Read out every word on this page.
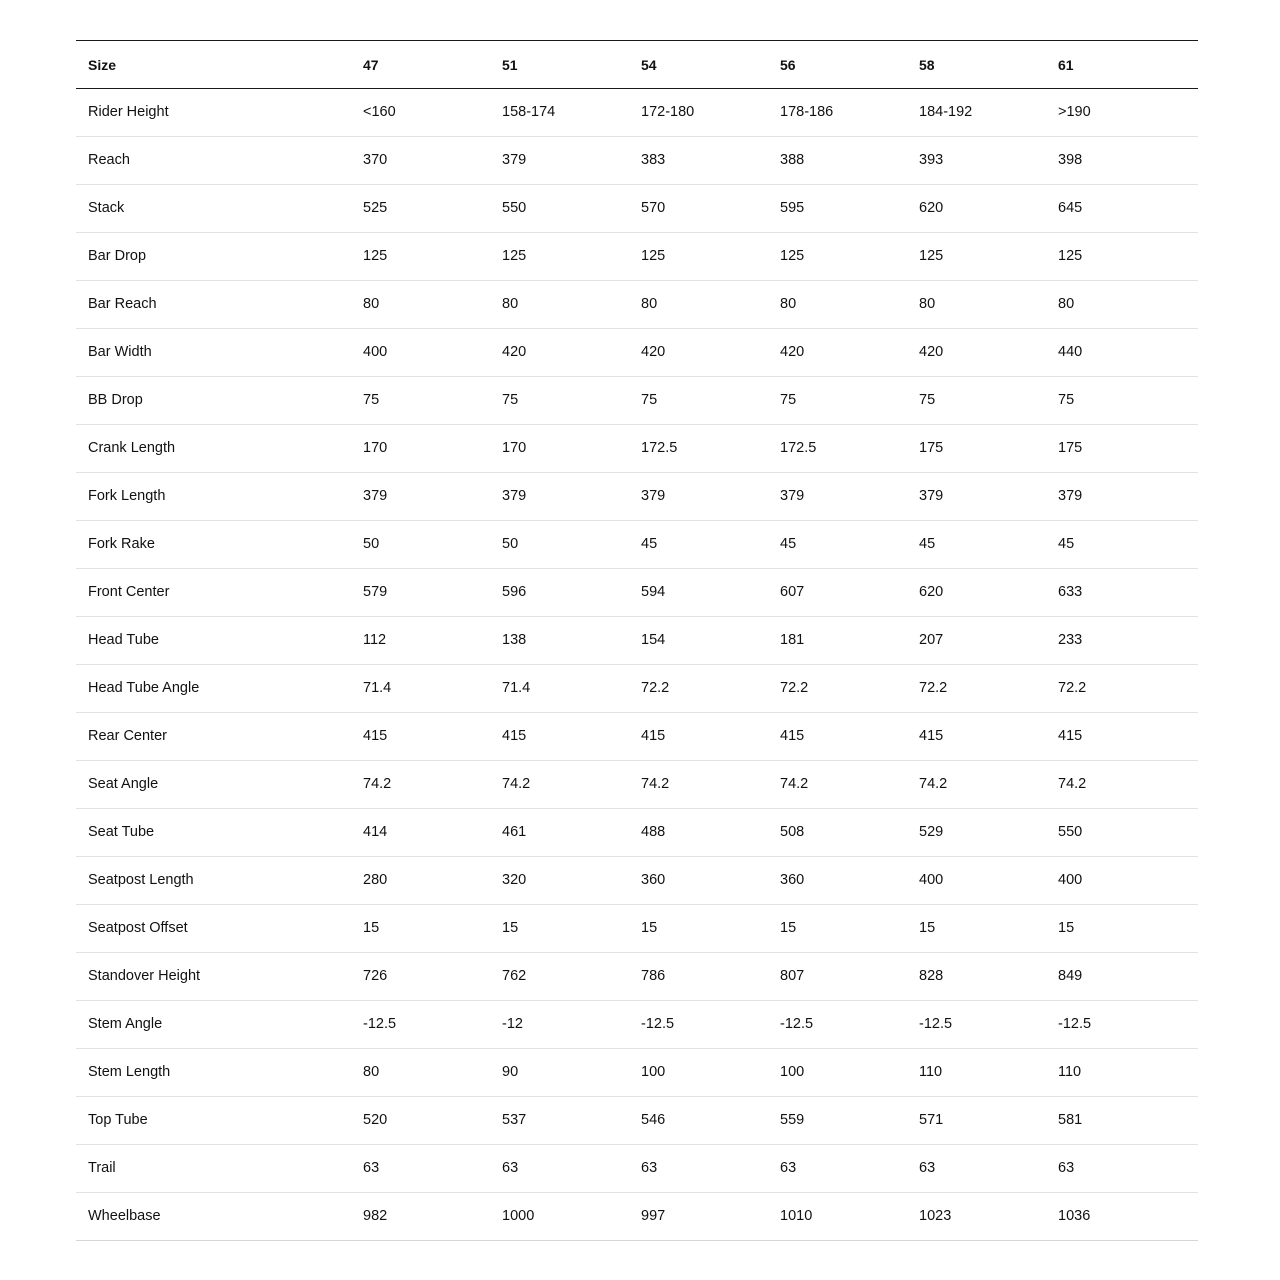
Size	47	51	54	56	58	61
Rider Height	<160	158-174	172-180	178-186	184-192	>190
Reach	370	379	383	388	393	398
Stack	525	550	570	595	620	645
Bar Drop	125	125	125	125	125	125
Bar Reach	80	80	80	80	80	80
Bar Width	400	420	420	420	420	440
BB Drop	75	75	75	75	75	75
Crank Length	170	170	172.5	172.5	175	175
Fork Length	379	379	379	379	379	379
Fork Rake	50	50	45	45	45	45
Front Center	579	596	594	607	620	633
Head Tube	112	138	154	181	207	233
Head Tube Angle	71.4	71.4	72.2	72.2	72.2	72.2
Rear Center	415	415	415	415	415	415
Seat Angle	74.2	74.2	74.2	74.2	74.2	74.2
Seat Tube	414	461	488	508	529	550
Seatpost Length	280	320	360	360	400	400
Seatpost Offset	15	15	15	15	15	15
Standover Height	726	762	786	807	828	849
Stem Angle	-12.5	-12	-12.5	-12.5	-12.5	-12.5
Stem Length	80	90	100	100	110	110
Top Tube	520	537	546	559	571	581
Trail	63	63	63	63	63	63
Wheelbase	982	1000	997	1010	1023	1036
